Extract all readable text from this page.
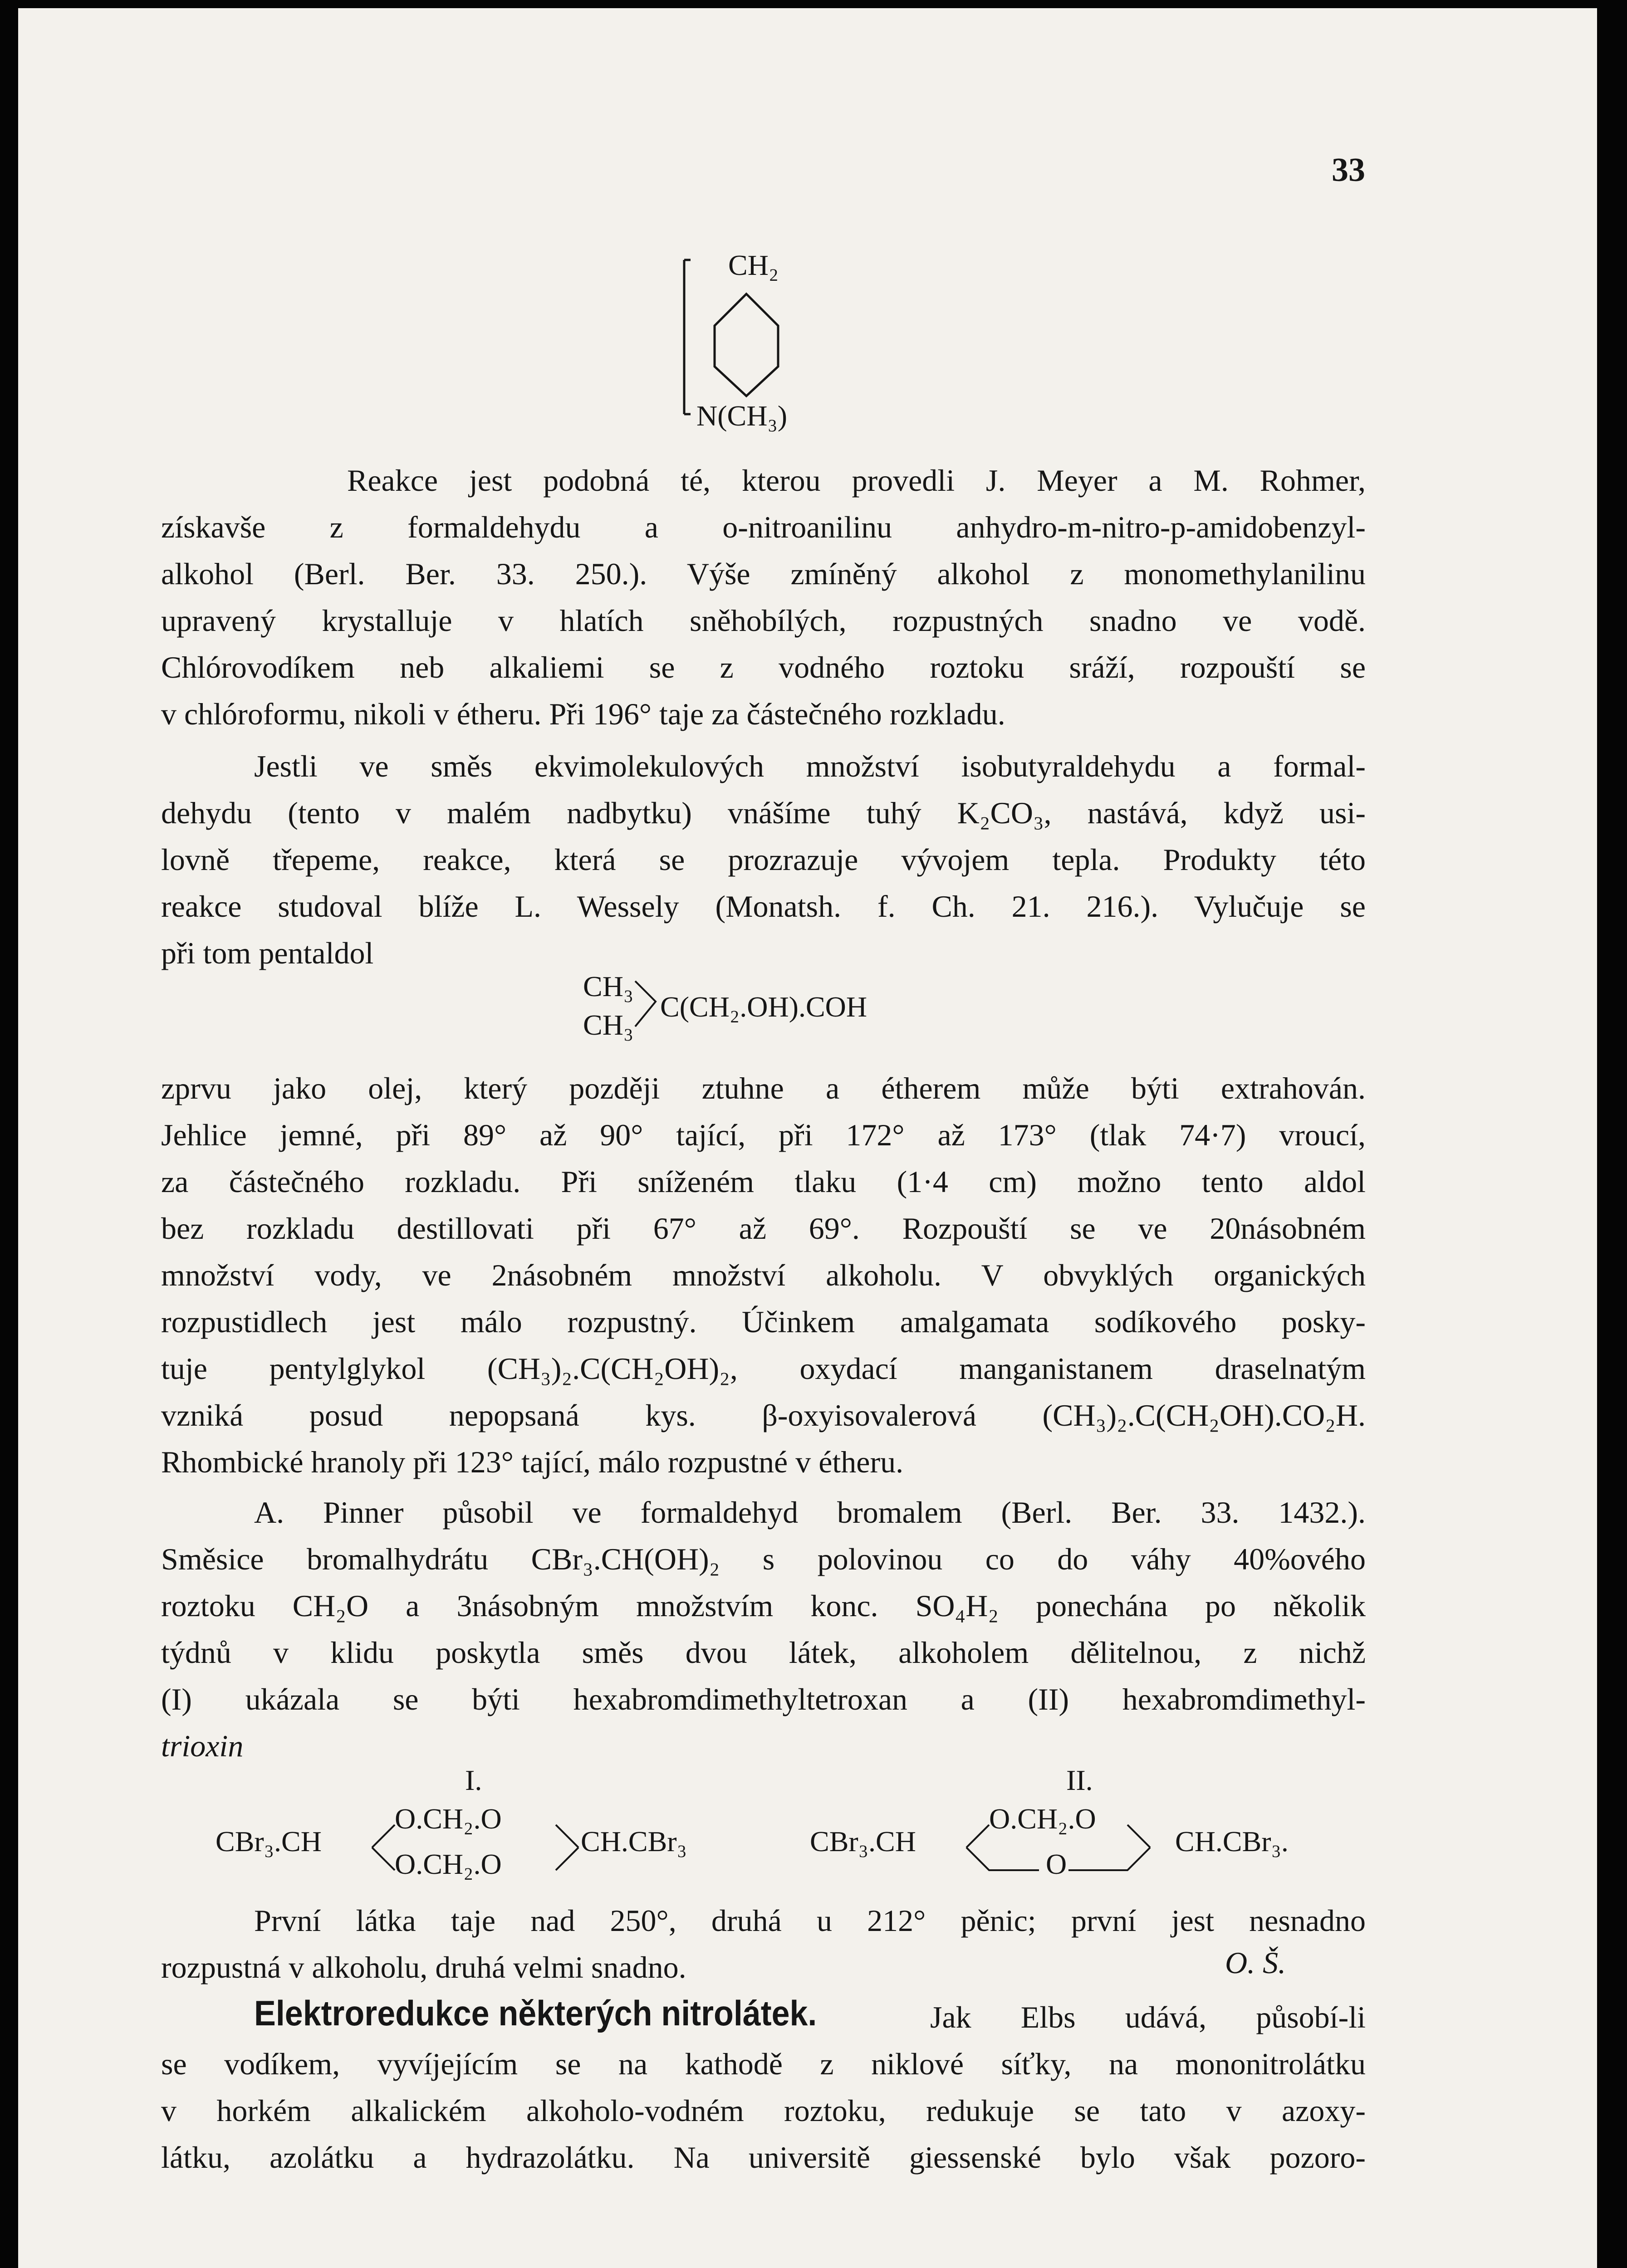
33
CH₂
N(CH₃)

Reakce jest podobná té, kterou provedli J. Meyer a M. Rohmer,

získavše z formaldehydu a o-nitroanilinu anhydro-m-nitro-p-amidobenzyl-

alkohol (Berl. Ber. 33. 250.). Výše zmíněný alkohol z monomethylanilinu

upravený krystalluje v hlatích sněhobílých, rozpustných snadno ve vodě.

Chlórovodíkem neb alkaliemi se z vodného roztoku sráží, rozpouští se

v chlóroformu, nikoli v étheru. Při 196° taje za částečného rozkladu.

Jestli ve směs ekvimolekulových množství isobutyraldehydu a formal-

dehydu (tento v malém nadbytku) vnášíme tuhý K₂CO₃, nastává, když usi-

lovně třepeme, reakce, která se prozrazuje vývojem tepla. Produkty této

reakce studoval blíže L. Wessely (Monatsh. f. Ch. 21. 216.). Vylučuje se

při tom pentaldol

CH₃
CH₃
C(CH₂.OH).COH

zprvu jako olej, který později ztuhne a étherem může býti extrahován.

Jehlice jemné, při 89° až 90° tající, při 172° až 173° (tlak 74·7) vroucí,

za částečného rozkladu. Při sníženém tlaku (1·4 cm) možno tento aldol

bez rozkladu destillovati při 67° až 69°. Rozpouští se ve 20násobném

množství vody, ve 2násobném množství alkoholu. V obvyklých organických

rozpustidlech jest málo rozpustný. Účinkem amalgamata sodíkového posky-

tuje pentylglykol (CH₃)₂.C(CH₂OH)₂, oxydací manganistanem draselnatým

vzniká posud nepopsaná kys. β-oxyisovalerová (CH₃)₂.C(CH₂OH).CO₂H.

Rhombické hranoly při 123° tající, málo rozpustné v étheru.

A. Pinner působil ve formaldehyd bromalem (Berl. Ber. 33. 1432.).

Směsice bromalhydrátu CBr₃.CH(OH)₂ s polovinou co do váhy 40%ového

roztoku CH₂O a 3násobným množstvím konc. SO₄H₂ ponechána po několik

týdnů v klidu poskytla směs dvou látek, alkoholem dělitelnou, z nichž

(I) ukázala se býti hexabromdimethyltetroxan a (II) hexabromdimethyl-

trioxin

I.	II.
CBr₃.CH
O.CH₂.O
O.CH₂.O
CH.CBr₃	CBr₃.CH
O.CH₂.O
O
CH.CBr₃.

První látka taje nad 250°, druhá u 212° pěnic; první jest nesnadno

rozpustná v alkoholu, druhá velmi snadno.	O. Š.
Elektroredukce některých nitrolátek.	Jak Elbs udává, působí-li

se vodíkem, vyvíjejícím se na kathodě z niklové síťky, na mononitrolátku

v horkém alkalickém alkoholo-vodném roztoku, redukuje se tato v azoxy-

látku, azolátku a hydrazolátku. Na universitě giessenské bylo však pozoro-
